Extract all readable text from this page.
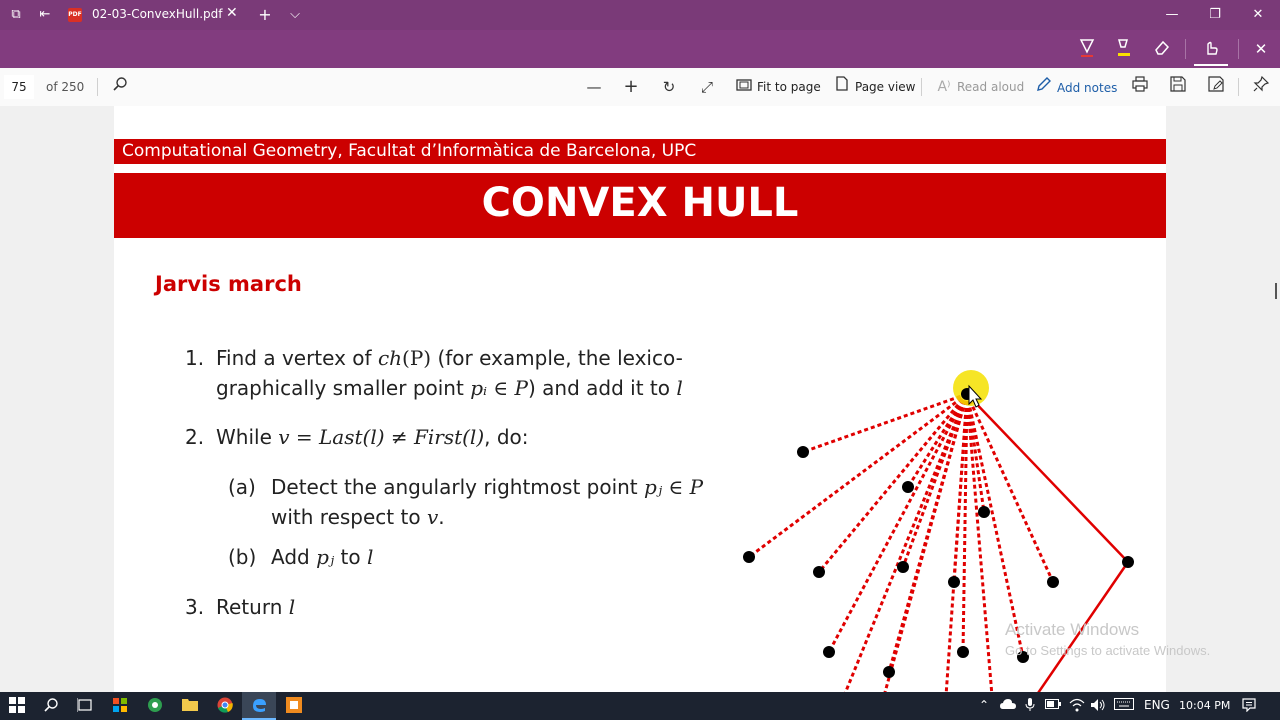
⧉ ⇤	PDF 02-03-ConvexHull.pdf ✕ + ⌵	—	❐	✕
✕
75	of 250	— +	↻	⤢	Fit to page	Page view A⁾ Read aloud	Add notes
Computational Geometry, Facultat d’Informàtica de Barcelona, UPC
CONVEX HULL
Jarvis march
1. Find a vertex of ch(P) (for example, the lexico-
graphically smaller point pᵢ ∈ P) and add it to l
2. While v = Last(l) ≠ First(l), do:
(a) Detect the angularly rightmost point pⱼ ∈ P
with respect to v.
(b) Add pⱼ to l
3. Return l
Activate Windows
Go to Settings to activate Windows.
⌃	ENG 10:04 PM
